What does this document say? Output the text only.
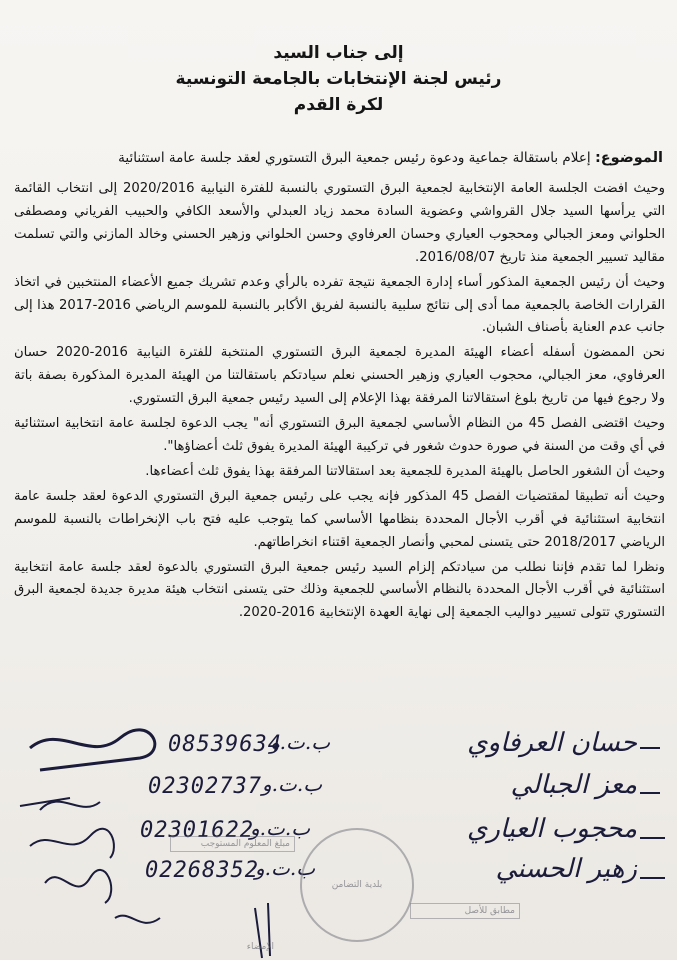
إلى جناب السيد
رئيس لجنة الإنتخابات بالجامعة التونسية
لكرة القدم
الموضوع: إعلام باستقالة جماعية ودعوة رئيس جمعية البرق التستوري لعقد جلسة عامة استثنائية

وحيث افضت الجلسة العامة الإنتخابية لجمعية البرق التستوري بالنسبة للفترة النيابية 2020/2016 إلى انتخاب القائمة التي يرأسها السيد جلال القرواشي وعضوية السادة محمد زياد العبدلي والأسعد الكافي والحبيب الفرياني ومصطفى الحلواني ومعز الجبالي ومحجوب العياري وحسان العرفاوي وحسن الحلواني وزهير الحسني وخالد المازني والتي تسلمت مقاليد تسيير الجمعية منذ تاريخ 2016/08/07.

وحيث أن رئيس الجمعية المذكور أساء إدارة الجمعية نتيجة تفرده بالرأي وعدم تشريك جميع الأعضاء المنتخبين في اتخاذ القرارات الخاصة بالجمعية مما أدى إلى نتائج سلبية بالنسبة لفريق الأكابر بالنسبة للموسم الرياضي 2016-2017 هذا إلى جانب عدم العناية بأصناف الشبان.

نحن الممضون أسفله أعضاء الهيئة المديرة لجمعية البرق التستوري المنتخبة للفترة النيابية 2016-2020 حسان العرفاوي، معز الجبالي، محجوب العياري وزهير الحسني نعلم سيادتكم باستقالتنا من الهيئة المديرة المذكورة بصفة باتة ولا رجوع فيها من تاريخ بلوغ استقالاتنا المرفقة بهذا الإعلام إلى السيد رئيس جمعية البرق التستوري.

وحيث اقتضى الفصل 45 من النظام الأساسي لجمعية البرق التستوري أنه" يجب الدعوة لجلسة عامة انتخابية استثنائية في أي وقت من السنة في صورة حدوث شغور في تركيبة الهيئة المديرة يفوق ثلث أعضاؤها".

وحيث أن الشغور الحاصل بالهيئة المديرة للجمعية بعد استقالاتنا المرفقة بهذا يفوق ثلث أعضاءها.

وحيث أنه تطبيقا لمقتضيات الفصل 45 المذكور فإنه يجب على رئيس جمعية البرق التستوري الدعوة لعقد جلسة عامة انتخابية استثنائية في أقرب الأجال المحددة بنظامها الأساسي كما يتوجب عليه فتح باب الإنخراطات بالنسبة للموسم الرياضي 2018/2017 حتى يتسنى لمحبي وأنصار الجمعية اقتناء انخراطاتهم.

ونظرا لما تقدم فإننا نطلب من سيادتكم إلزام السيد رئيس جمعية البرق التستوري بالدعوة لعقد جلسة عامة انتخابية استثنائية في أقرب الأجال المحددة بالنظام الأساسي للجمعية وذلك حتى يتسنى انتخاب هيئة مديرة جديدة لجمعية البرق التستوري تتولى تسيير دواليب الجمعية إلى نهاية العهدة الإنتخابية 2016-2020.

حسان العرفاوي
ب.ت.و
08539634
معز الجبالي
ب.ت.و
02302737
محجوب العياري
ب.ت.و
02301622
زهير الحسني
ب.ت.و
02268352
بلدية التضامن
مبلغ المعلوم المستوجب
مطابق للأصل
الإمضاء
